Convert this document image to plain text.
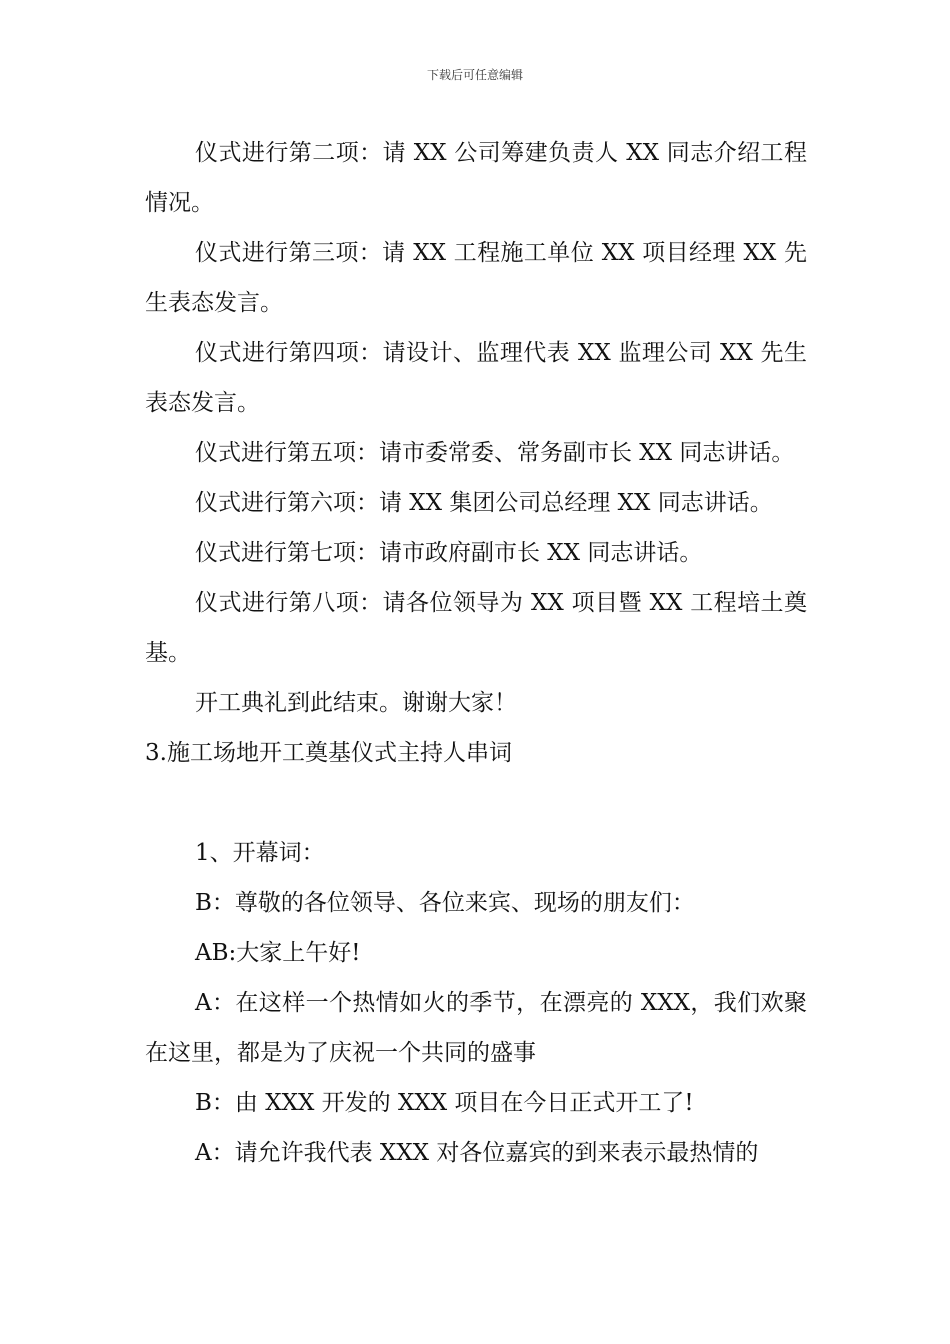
下载后可任意编辑

仪式进行第二项：请 XX 公司筹建负责人 XX 同志介绍工程情况。

仪式进行第三项：请 XX 工程施工单位 XX 项目经理 XX 先生表态发言。

仪式进行第四项：请设计、监理代表 XX 监理公司 XX 先生表态发言。

仪式进行第五项：请市委常委、常务副市长 XX 同志讲话。

仪式进行第六项：请 XX 集团公司总经理 XX 同志讲话。

仪式进行第七项：请市政府副市长 XX 同志讲话。

仪式进行第八项：请各位领导为 XX 项目暨 XX 工程培土奠基。

开工典礼到此结束。谢谢大家！

3.施工场地开工奠基仪式主持人串词

1、开幕词：

B：尊敬的各位领导、各位来宾、现场的朋友们：

AB:大家上午好!

A：在这样一个热情如火的季节，在漂亮的 XXX，我们欢聚在这里，都是为了庆祝一个共同的盛事

B：由 XXX 开发的 XXX 项目在今日正式开工了!

A：请允许我代表 XXX 对各位嘉宾的到来表示最热情的
